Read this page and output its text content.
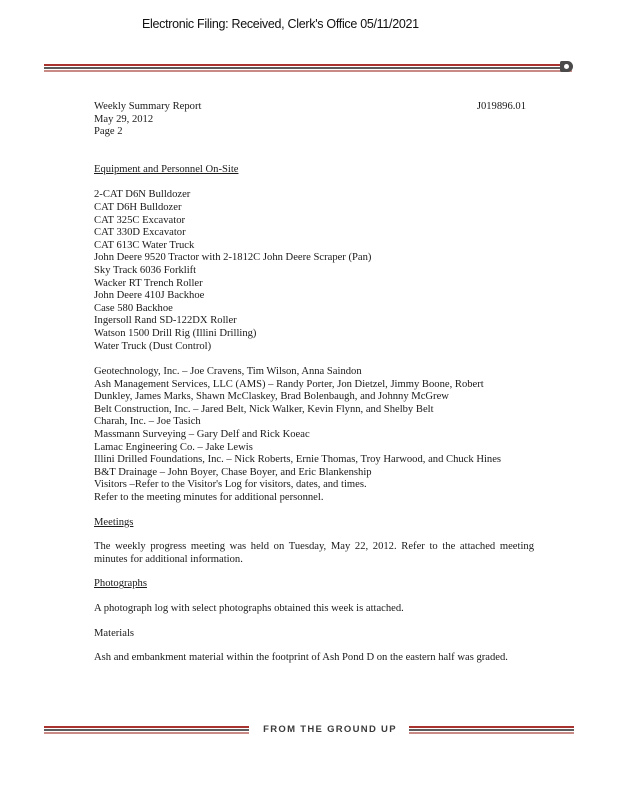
Electronic Filing: Received, Clerk's Office 05/11/2021
Weekly Summary Report	J019896.01
May 29, 2012
Page 2
Equipment and Personnel On-Site
2-CAT D6N Bulldozer
CAT D6H Bulldozer
CAT 325C Excavator
CAT 330D Excavator
CAT 613C Water Truck
John Deere 9520 Tractor with 2-1812C John Deere Scraper (Pan)
Sky Track 6036 Forklift
Wacker RT Trench Roller
John Deere 410J Backhoe
Case 580 Backhoe
Ingersoll Rand SD-122DX Roller
Watson 1500 Drill Rig (Illini Drilling)
Water Truck (Dust Control)
Geotechnology, Inc. – Joe Cravens, Tim Wilson, Anna Saindon
Ash Management Services, LLC (AMS) – Randy Porter, Jon Dietzel, Jimmy Boone, Robert
Dunkley, James Marks, Shawn McClaskey, Brad Bolenbaugh, and Johnny McGrew
Belt Construction, Inc. – Jared Belt, Nick Walker, Kevin Flynn, and Shelby Belt
Charah, Inc. – Joe Tasich
Massmann Surveying – Gary Delf and Rick Koeac
Lamac Engineering Co. – Jake Lewis
Illini Drilled Foundations, Inc. – Nick Roberts, Ernie Thomas, Troy Harwood, and Chuck Hines
B&T Drainage – John Boyer, Chase Boyer, and Eric Blankenship
Visitors –Refer to the Visitor's Log for visitors, dates, and times.
Refer to the meeting minutes for additional personnel.
Meetings
The weekly progress meeting was held on Tuesday, May 22, 2012. Refer to the attached meeting minutes for additional information.
Photographs
A photograph log with select photographs obtained this week is attached.
Materials
Ash and embankment material within the footprint of Ash Pond D on the eastern half was graded.
FROM THE GROUND UP
